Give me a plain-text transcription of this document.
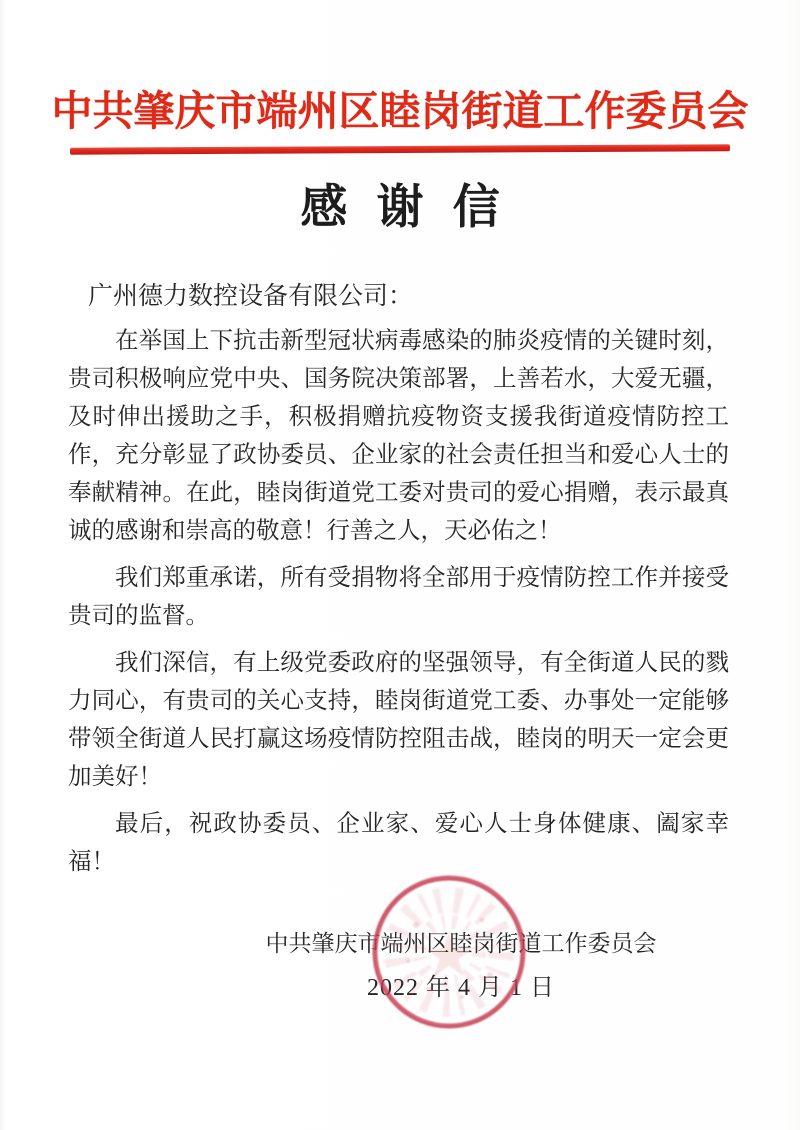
中共肇庆市端州区睦岗街道工作委员会
感谢信
广州德力数控设备有限公司：

在举国上下抗击新型冠状病毒感染的肺炎疫情的关键时刻，贵司积极响应党中央、国务院决策部署，上善若水，大爱无疆，及时伸出援助之手，积极捐赠抗疫物资支援我街道疫情防控工作，充分彰显了政协委员、企业家的社会责任担当和爱心人士的奉献精神。在此，睦岗街道党工委对贵司的爱心捐赠，表示最真诚的感谢和崇高的敬意！行善之人，天必佑之！

我们郑重承诺，所有受捐物将全部用于疫情防控工作并接受贵司的监督。

我们深信，有上级党委政府的坚强领导，有全街道人民的戮力同心，有贵司的关心支持，睦岗街道党工委、办事处一定能够带领全街道人民打赢这场疫情防控阻击战，睦岗的明天一定会更加美好！

最后，祝政协委员、企业家、爱心人士身体健康、阖家幸福！

中共肇庆市端州区睦岗街道工作委员会
2022 年 4 月 1 日
